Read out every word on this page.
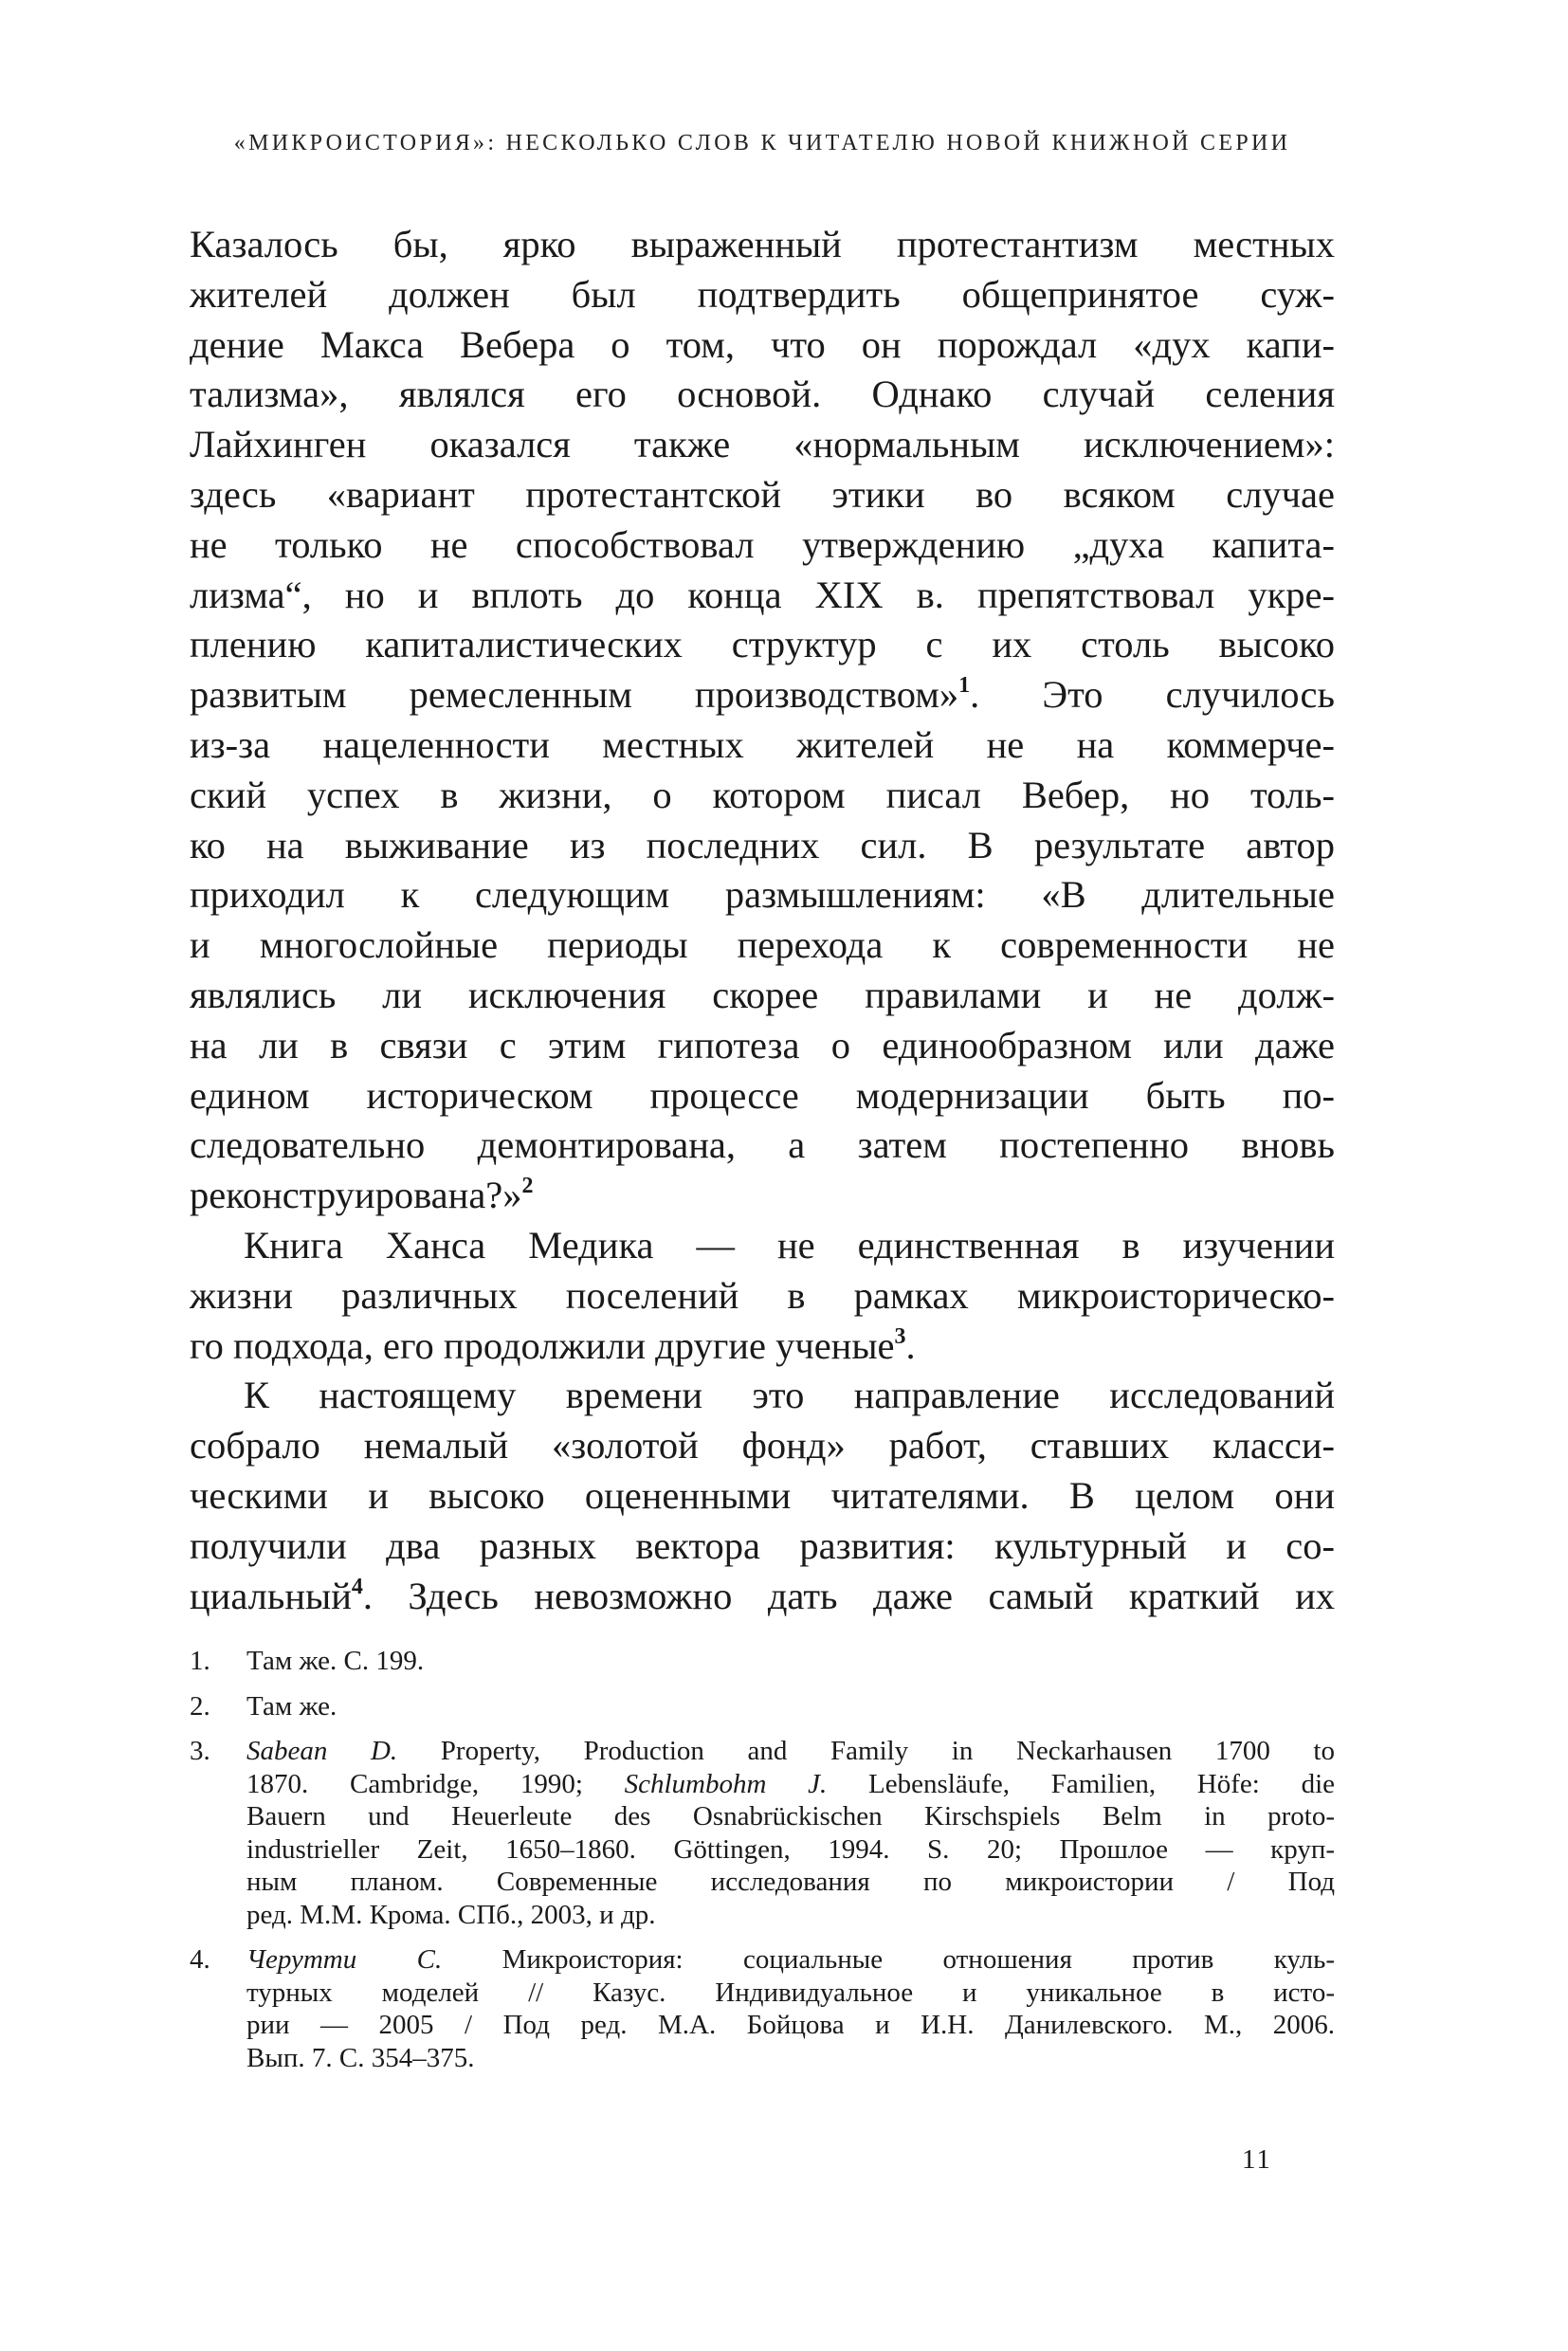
«МИКРОИСТОРИЯ»: НЕСКОЛЬКО СЛОВ К ЧИТАТЕЛЮ НОВОЙ КНИЖНОЙ СЕРИИ
Казалось бы, ярко выраженный протестантизм местных
жителей должен был подтвердить общепринятое суж-
дение Макса Вебера о том, что он порождал «дух капи-
тализма», являлся его основой. Однако случай селения
Лайхинген оказался также «нормальным исключением»:
здесь «вариант протестантской этики во всяком случае
не только не способствовал утверждению „духа капита-
лизма“, но и вплоть до конца XIX в. препятствовал укре-
плению капиталистических структур с их столь высоко
развитым ремесленным производством»$^1$. Это случилось
из-за нацеленности местных жителей не на коммерче-
ский успех в жизни, о котором писал Вебер, но толь-
ко на выживание из последних сил. В результате автор
приходил к следующим размышлениям: «В длительные
и многослойные периоды перехода к современности не
являлись ли исключения скорее правилами и не долж-
на ли в связи с этим гипотеза о единообразном или даже
едином историческом процессе модернизации быть по-
следовательно демонтирована, а затем постепенно вновь
реконструирована?»$^2$
Книга Ханса Медика — не единственная в изучении
жизни различных поселений в рамках микроисторическо-
го подхода, его продолжили другие ученые$^3$.
К настоящему времени это направление исследований
собрало немалый «золотой фонд» работ, ставших класси-
ческими и высоко оцененными читателями. В целом они
получили два разных вектора развития: культурный и со-
циальный$^4$. Здесь невозможно дать даже самый краткий их
1. Там же. С. 199.
2. Там же.
3. Sabean D. Property, Production and Family in Neckarhausen 1700 to
1870. Cambridge, 1990; Schlumbohm J. Lebensläufe, Familien, Höfe: die
Bauern und Heuerleute des Osnabrückischen Kirschspiels Belm in proto-
industrieller Zeit, 1650–1860. Göttingen, 1994. S. 20; Прошлое — круп-
ным планом. Современные исследования по микроистории / Под
ред. М.М. Крома. СПб., 2003, и др.
4. Черутти С. Микроистория: социальные отношения против куль-
турных моделей // Казус. Индивидуальное и уникальное в исто-
рии — 2005 / Под ред. М.А. Бойцова и И.Н. Данилевского. М., 2006.
Вып. 7. С. 354–375.
11
